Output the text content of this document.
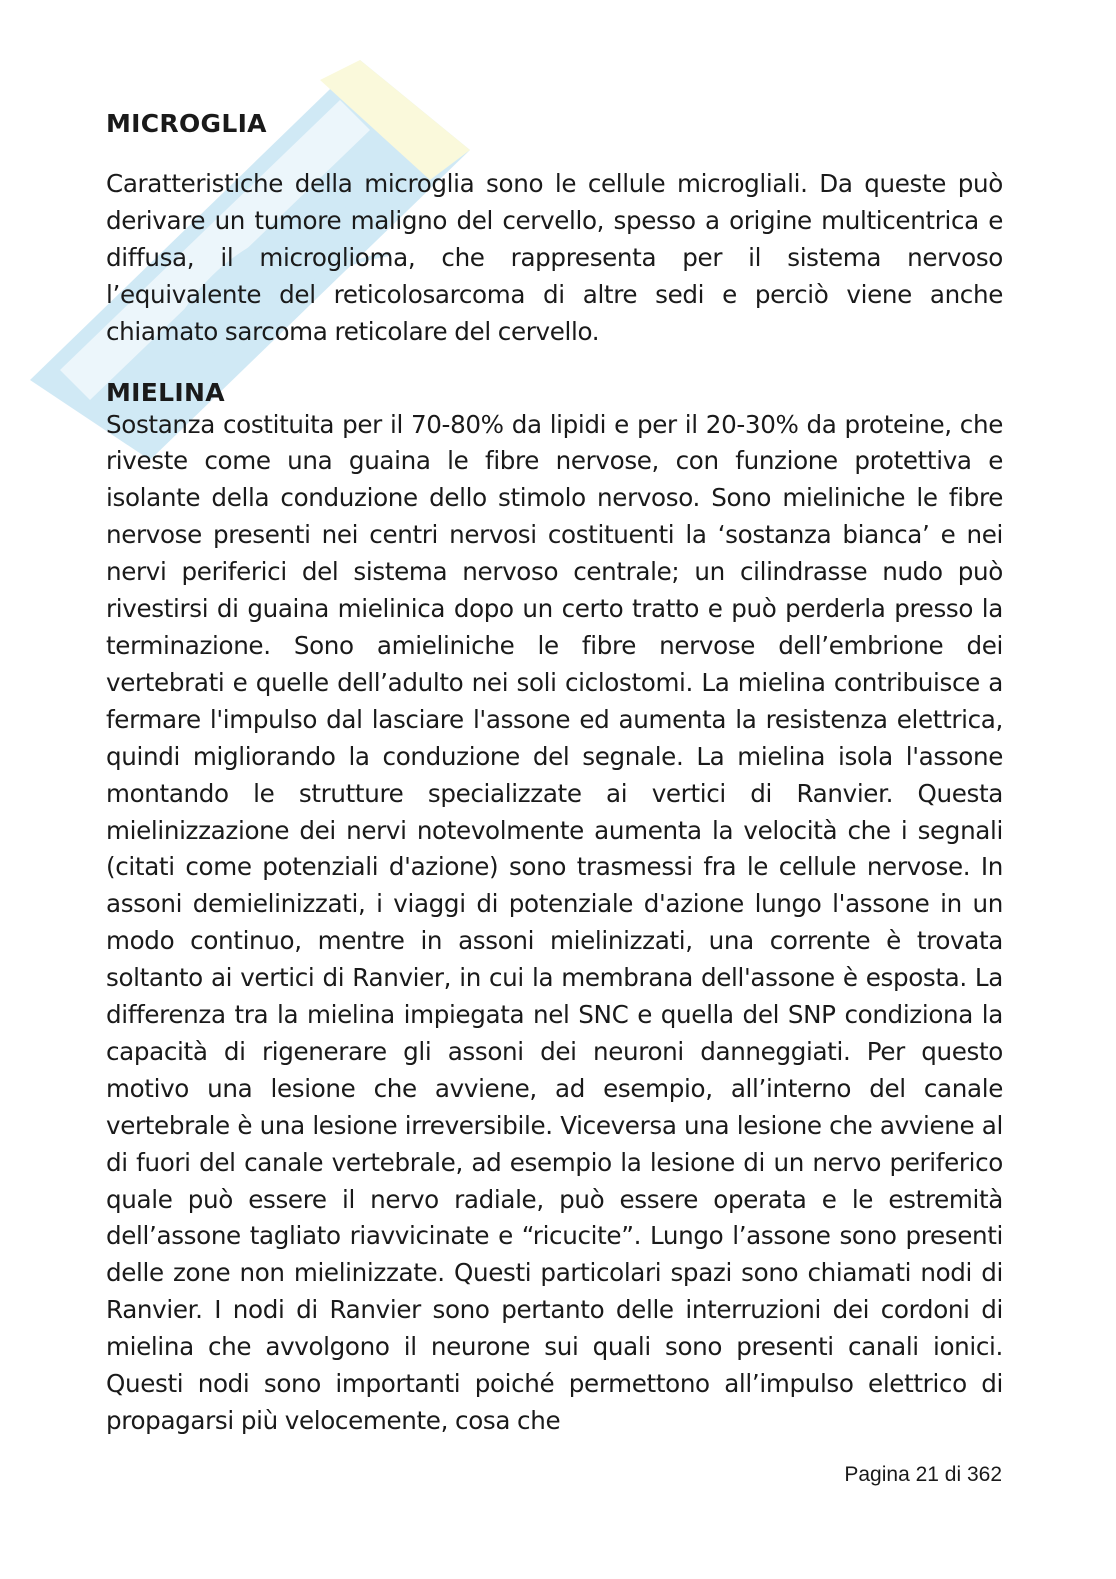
MICROGLIA

Caratteristiche della microglia sono le cellule microgliali. Da queste può derivare un tumore maligno del cervello, spesso a origine multicentrica e diffusa, il microglioma, che rappresenta per il sistema nervoso l’equivalente del reticolosarcoma di altre sedi e perciò viene anche chiamato sarcoma reticolare del cervello.

MIELINA

Sostanza costituita per il 70-80% da lipidi e per il 20-30% da proteine, che riveste come una guaina le fibre nervose, con funzione protettiva e isolante della conduzione dello stimolo nervoso. Sono mieliniche le fibre nervose presenti nei centri nervosi costituenti la ‘sostanza bianca’ e nei nervi periferici del sistema nervoso centrale; un cilindrasse nudo può rivestirsi di guaina mielinica dopo un certo tratto e può perderla presso la terminazione. Sono amieliniche le fibre nervose dell’embrione dei vertebrati e quelle dell’adulto nei soli ciclostomi. La mielina contribuisce a fermare l'impulso dal lasciare l'assone ed aumenta la resistenza elettrica, quindi migliorando la conduzione del segnale. La mielina isola l'assone montando le strutture specializzate ai vertici di Ranvier. Questa mielinizzazione dei nervi notevolmente aumenta la velocità che i segnali (citati come potenziali d'azione) sono trasmessi fra le cellule nervose. In assoni demielinizzati, i viaggi di potenziale d'azione lungo l'assone in un modo continuo, mentre in assoni mielinizzati, una corrente è trovata soltanto ai vertici di Ranvier, in cui la membrana dell'assone è esposta. La differenza tra la mielina impiegata nel SNC e quella del SNP condiziona la capacità di rigenerare gli assoni dei neuroni danneggiati. Per questo motivo una lesione che avviene, ad esempio, all’interno del canale vertebrale è una lesione irreversibile. Viceversa una lesione che avviene al di fuori del canale vertebrale, ad esempio la lesione di un nervo periferico quale può essere il nervo radiale, può essere operata e le estremità dell’assone tagliato riavvicinate e “ricucite”. Lungo l’assone sono presenti delle zone non mielinizzate. Questi particolari spazi sono chiamati nodi di Ranvier. I nodi di Ranvier sono pertanto delle interruzioni dei cordoni di mielina che avvolgono il neurone sui quali sono presenti canali ionici. Questi nodi sono importanti poiché permettono all’impulso elettrico di propagarsi più velocemente, cosa che

Pagina 21 di 362
